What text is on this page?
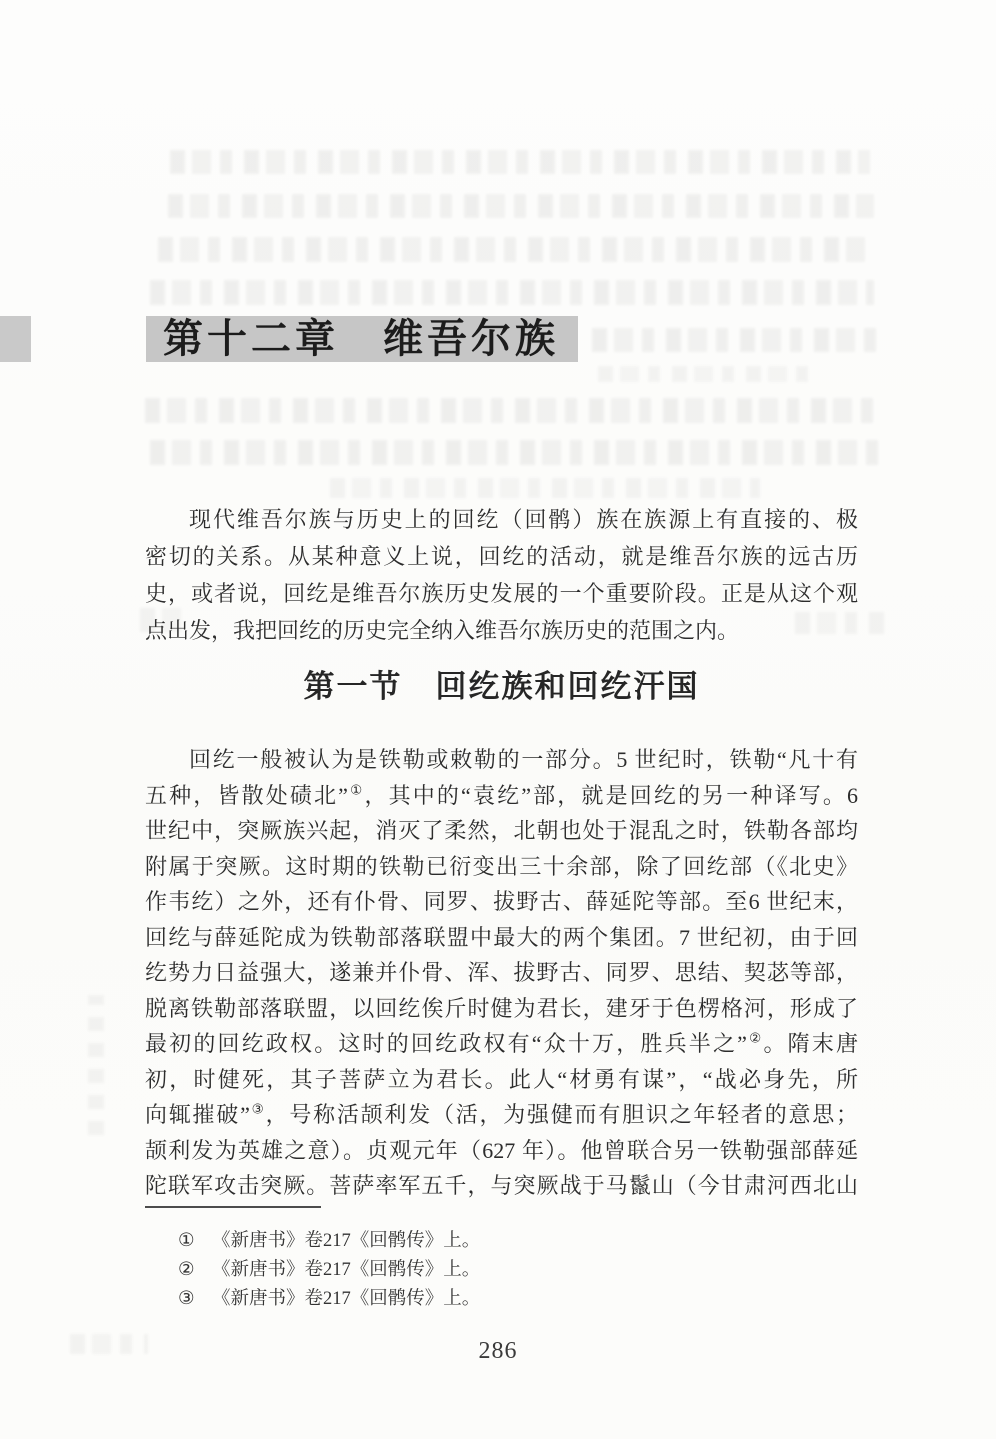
第十二章　维吾尔族
现代维吾尔族与历史上的回纥（回鹘）族在族源上有直接的、极
密切的关系。从某种意义上说，回纥的活动，就是维吾尔族的远古历
史，或者说，回纥是维吾尔族历史发展的一个重要阶段。正是从这个观
点出发，我把回纥的历史完全纳入维吾尔族历史的范围之内。
第一节　回纥族和回纥汗国
回纥一般被认为是铁勒或敕勒的一部分。5 世纪时，铁勒“凡十有
五种，皆散处碛北”①，其中的“袁纥”部，就是回纥的另一种译写。6
世纪中，突厥族兴起，消灭了柔然，北朝也处于混乱之时，铁勒各部均
附属于突厥。这时期的铁勒已衍变出三十余部，除了回纥部（《北史》
作韦纥）之外，还有仆骨、同罗、拔野古、薛延陀等部。至6 世纪末，
回纥与薛延陀成为铁勒部落联盟中最大的两个集团。7 世纪初，由于回
纥势力日益强大，遂兼并仆骨、浑、拔野古、同罗、思结、契苾等部，
脱离铁勒部落联盟，以回纥俟斤时健为君长，建牙于色楞格河，形成了
最初的回纥政权。这时的回纥政权有“众十万，胜兵半之”②。隋末唐
初，时健死，其子菩萨立为君长。此人“材勇有谋”，“战必身先，所
向辄摧破”③，号称活颉利发（活，为强健而有胆识之年轻者的意思；
颉利发为英雄之意）。贞观元年（627 年）。他曾联合另一铁勒强部薛延
陀联军攻击突厥。菩萨率军五千，与突厥战于马鬣山（今甘肃河西北山
① 《新唐书》卷217《回鹘传》上。
② 《新唐书》卷217《回鹘传》上。
③ 《新唐书》卷217《回鹘传》上。
286
